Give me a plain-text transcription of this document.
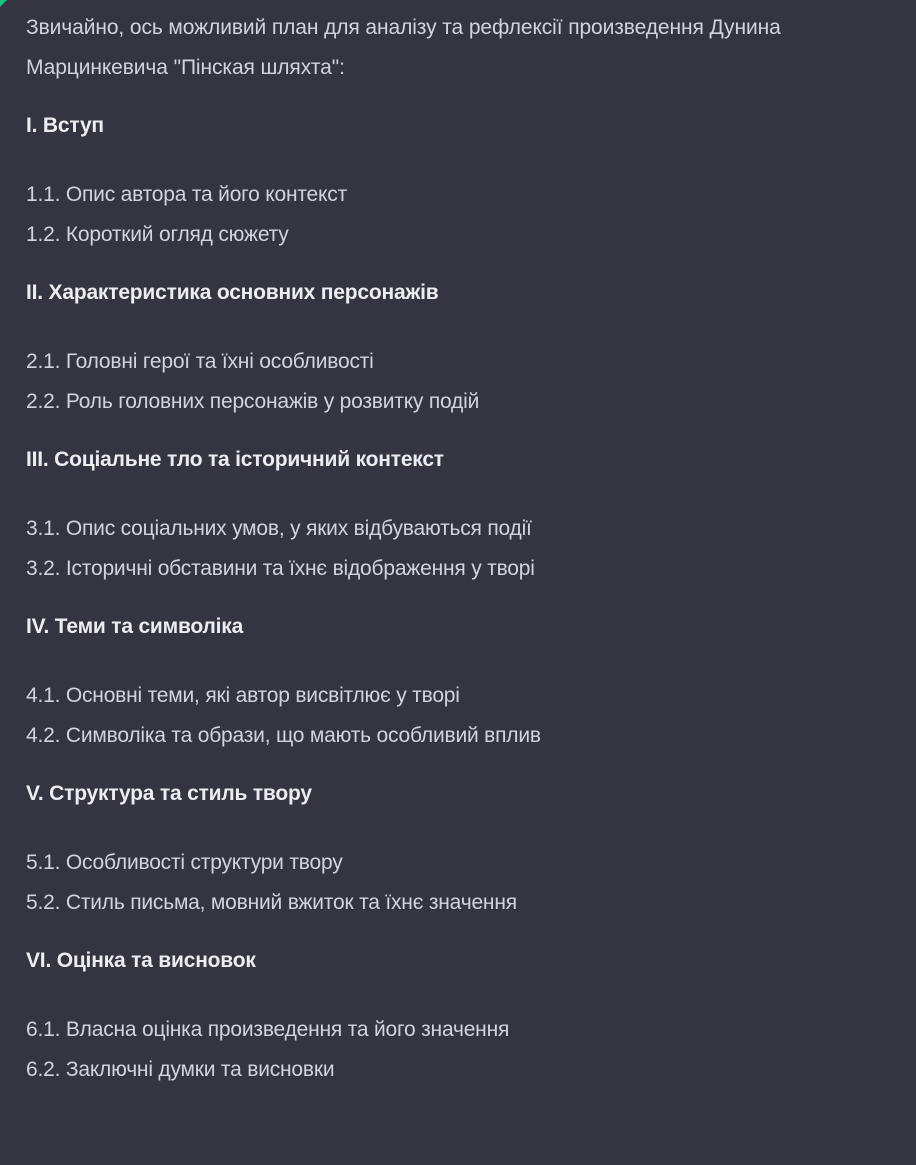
Звичайно, ось можливий план для аналізу та рефлексії произведення Дунина Марцинкевича "Пінская шляхта":

I. Вступ
1.1. Опис автора та його контекст
1.2. Короткий огляд сюжету
II. Характеристика основних персонажів
2.1. Головні герої та їхні особливості
2.2. Роль головних персонажів у розвитку подій
III. Соціальне тло та історичний контекст
3.1. Опис соціальних умов, у яких відбуваються події
3.2. Історичні обставини та їхнє відображення у творі
IV. Теми та символіка
4.1. Основні теми, які автор висвітлює у творі
4.2. Символіка та образи, що мають особливий вплив
V. Структура та стиль твору
5.1. Особливості структури твору
5.2. Стиль письма, мовний вжиток та їхнє значення
VI. Оцінка та висновок
6.1. Власна оцінка произведення та його значення
6.2. Заключні думки та висновки
